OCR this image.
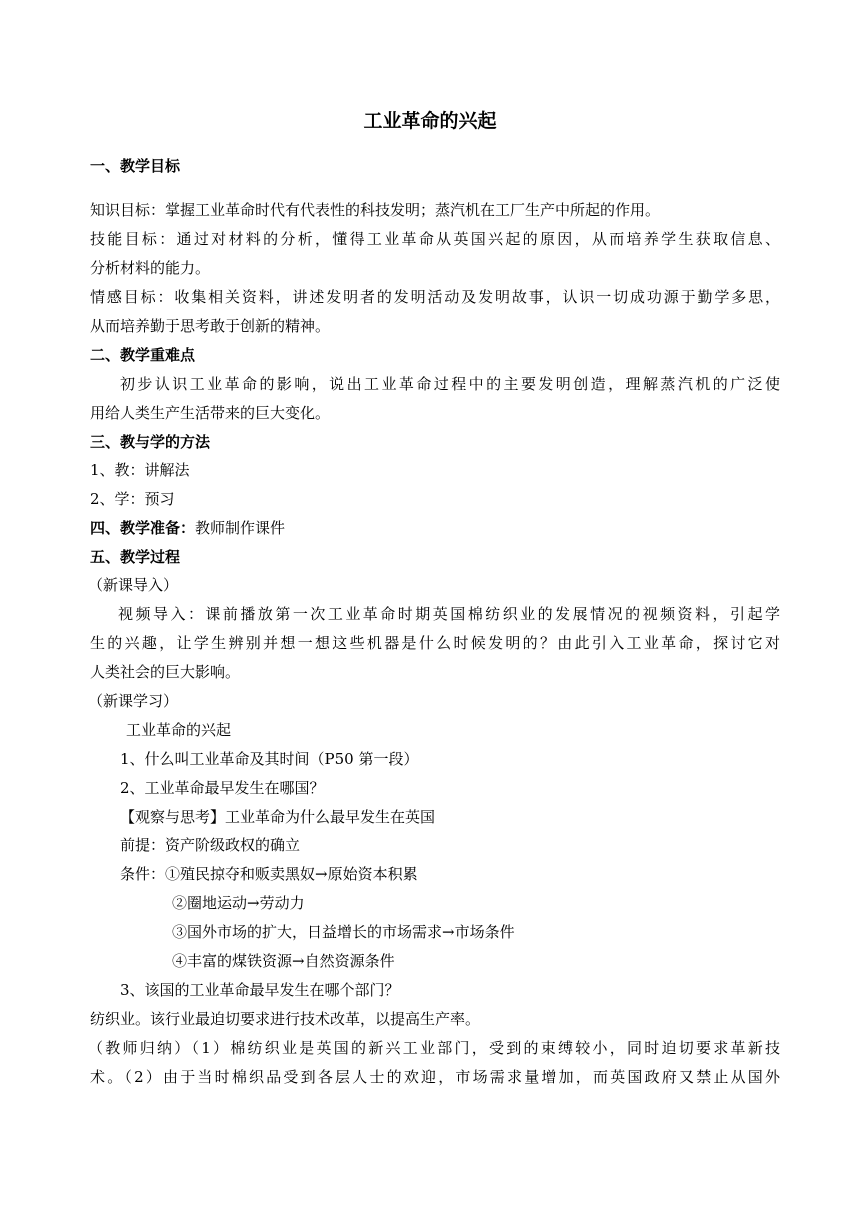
工业革命的兴起
一、教学目标
知识目标：掌握工业革命时代有代表性的科技发明；蒸汽机在工厂生产中所起的作用。
技能目标：通过对材料的分析，懂得工业革命从英国兴起的原因，从而培养学生获取信息、
分析材料的能力。
情感目标：收集相关资料，讲述发明者的发明活动及发明故事，认识一切成功源于勤学多思，
从而培养勤于思考敢于创新的精神。
二、教学重难点
初步认识工业革命的影响，说出工业革命过程中的主要发明创造，理解蒸汽机的广泛使
用给人类生产生活带来的巨大变化。
三、教与学的方法
1、教：讲解法
2、学：预习
四、教学准备：教师制作课件
五、教学过程
（新课导入）
视频导入：课前播放第一次工业革命时期英国棉纺织业的发展情况的视频资料，引起学
生的兴趣，让学生辨别并想一想这些机器是什么时候发明的？由此引入工业革命，探讨它对
人类社会的巨大影响。
（新课学习）
工业革命的兴起
1、什么叫工业革命及其时间（P50 第一段）
2、工业革命最早发生在哪国？
【观察与思考】工业革命为什么最早发生在英国
前提：资产阶级政权的确立
条件：①殖民掠夺和贩卖黑奴→原始资本积累
②圈地运动→劳动力
③国外市场的扩大，日益增长的市场需求→市场条件
④丰富的煤铁资源→自然资源条件
3、该国的工业革命最早发生在哪个部门？
纺织业。该行业最迫切要求进行技术改革，以提高生产率。
（教师归纳）（1）棉纺织业是英国的新兴工业部门，受到的束缚较小，同时迫切要求革新技
术。（2）由于当时棉织品受到各层人士的欢迎，市场需求量增加，而英国政府又禁止从国外
